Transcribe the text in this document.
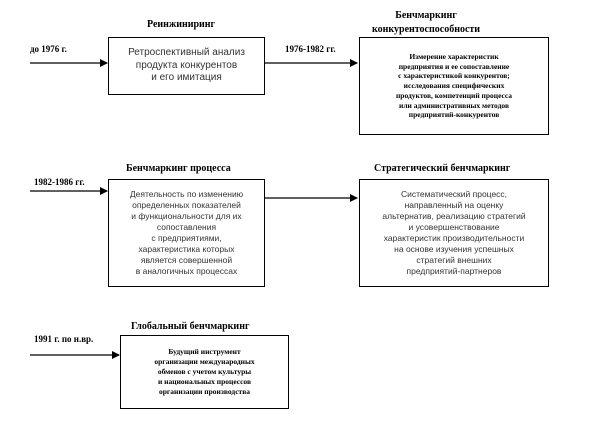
до 1976 г.	1976-1982 гг.
1982-1986 гг.
1991 г. по н.вр.
Реинжиниринг
Бенчмаркинг
конкурентоспособности
Бенчмаркинг процесса	Стратегический бенчмаркинг
Глобальный бенчмаркинг
Ретроспективный анализ
продукта конкурентов
и его имитация
Измерение характеристик
предприятия и ее сопоставление
с характеристикой конкурентов;
исследования специфических
продуктов, компетенций процесса
или административных методов
предприятий-конкурентов
Деятельность по изменению
определенных показателей
и функциональности для их
сопоставления
с предприятиями,
характеристика которых
является совершенной
в аналогичных процессах
Систематический процесс,
направленный на оценку
альтернатив, реализацию стратегий
и усовершенствование
характеристик производительности
на основе изучения успешных
стратегий внешних
предприятий-партнеров
Будущий инструмент
организации международных
обменов с учетом культуры
и национальных процессов
организации производства
